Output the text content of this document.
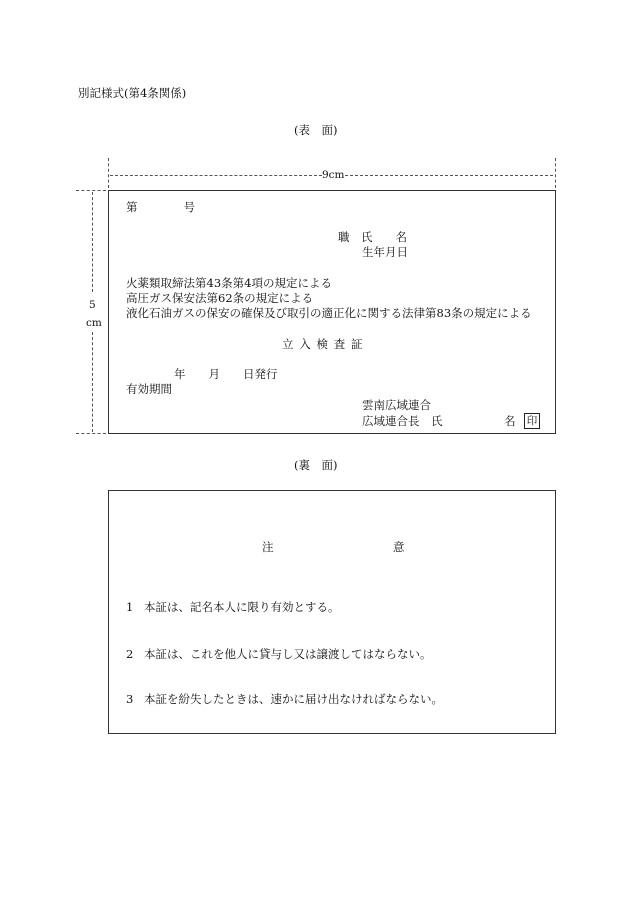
別記様式(第4条関係)
(表　面)
9cm
5
cm
第　　　　号
職　氏　　名
生年月日
火薬類取締法第43条第4項の規定による
高圧ガス保安法第62条の規定による
液化石油ガスの保安の確保及び取引の適正化に関する法律第83条の規定による
立入検査証
年　　月　　日発行
有効期間
雲南広域連合
広域連合長　氏	名 印
(裏　面)
注	意
1 本証は、記名本人に限り有効とする。
2 本証は、これを他人に貸与し又は譲渡してはならない。
3 本証を紛失したときは、速かに届け出なければならない。
